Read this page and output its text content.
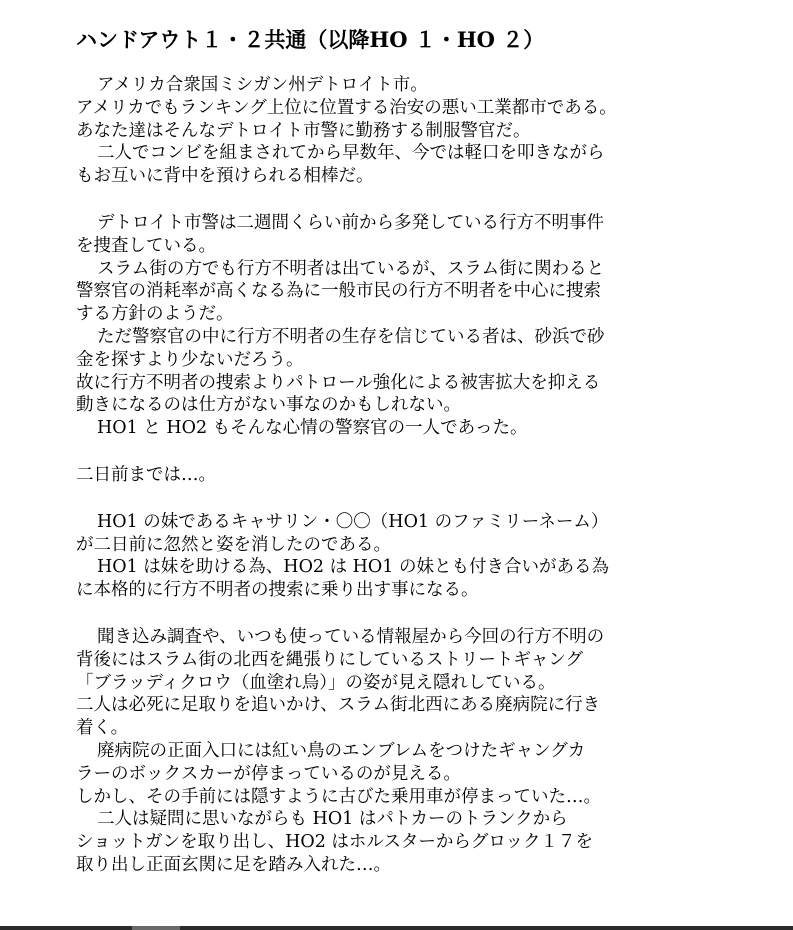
ハンドアウト１・２共通（以降HO １・HO ２）
アメリカ合衆国ミシガン州デトロイト市。
アメリカでもランキング上位に位置する治安の悪い工業都市である。
あなた達はそんなデトロイト市警に勤務する制服警官だ。
二人でコンビを組まされてから早数年、今では軽口を叩きながら
もお互いに背中を預けられる相棒だ。
デトロイト市警は二週間くらい前から多発している行方不明事件
を捜査している。
スラム街の方でも行方不明者は出ているが、スラム街に関わると
警察官の消耗率が高くなる為に一般市民の行方不明者を中心に捜索
する方針のようだ。
ただ警察官の中に行方不明者の生存を信じている者は、砂浜で砂
金を探すより少ないだろう。
故に行方不明者の捜索よりパトロール強化による被害拡大を抑える
動きになるのは仕方がない事なのかもしれない。
HO1 と HO2 もそんな心情の警察官の一人であった。
二日前までは…。
HO1 の妹であるキャサリン・〇〇（HO1 のファミリーネーム）
が二日前に忽然と姿を消したのである。
HO1 は妹を助ける為、HO2 は HO1 の妹とも付き合いがある為
に本格的に行方不明者の捜索に乗り出す事になる。
聞き込み調査や、いつも使っている情報屋から今回の行方不明の
背後にはスラム街の北西を縄張りにしているストリートギャング
「ブラッディクロウ（血塗れ烏）」の姿が見え隠れしている。
二人は必死に足取りを追いかけ、スラム街北西にある廃病院に行き
着く。
廃病院の正面入口には紅い鳥のエンブレムをつけたギャングカ
ラーのボックスカーが停まっているのが見える。
しかし、その手前には隠すように古びた乗用車が停まっていた…。
二人は疑問に思いながらも HO1 はパトカーのトランクから
ショットガンを取り出し、HO2 はホルスターからグロック１７を
取り出し正面玄関に足を踏み入れた…。
